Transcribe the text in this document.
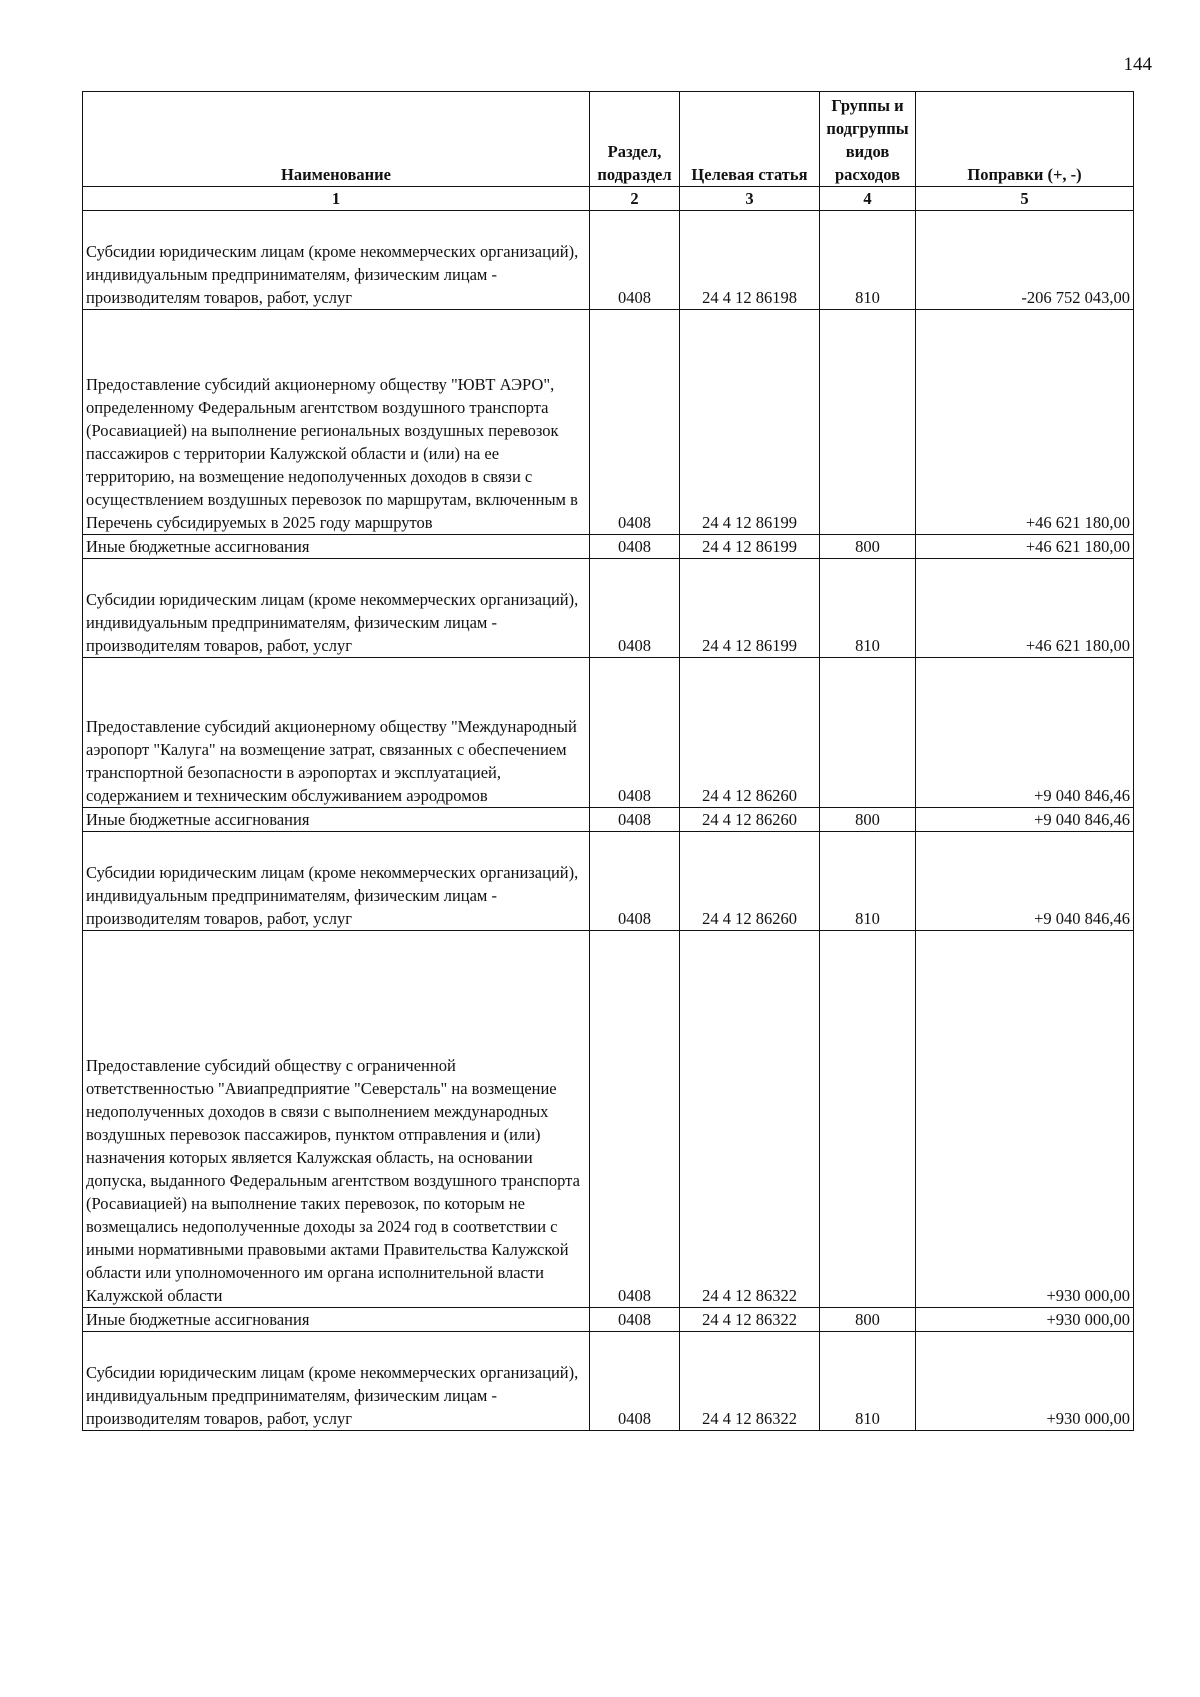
144
Наименование	Раздел, подраздел	Целевая статья	Группы и подгруппы видов расходов	Поправки (+, -)
1	2	3	4	5
Субсидии юридическим лицам (кроме некоммерческих организаций), индивидуальным предпринимателям, физическим лицам - производителям товаров, работ, услуг	0408	24 4 12 86198	810	-206 752 043,00
Предоставление субсидий акционерному обществу "ЮВТ АЭРО", определенному Федеральным агентством воздушного транспорта (Росавиацией) на выполнение региональных воздушных перевозок пассажиров с территории Калужской области и (или) на ее территорию, на возмещение недополученных доходов в связи с осуществлением воздушных перевозок по маршрутам, включенным в Перечень субсидируемых в 2025 году маршрутов	0408	24 4 12 86199		+46 621 180,00
Иные бюджетные ассигнования	0408	24 4 12 86199	800	+46 621 180,00
Субсидии юридическим лицам (кроме некоммерческих организаций), индивидуальным предпринимателям, физическим лицам - производителям товаров, работ, услуг	0408	24 4 12 86199	810	+46 621 180,00
Предоставление субсидий акционерному обществу "Международный аэропорт "Калуга" на возмещение затрат, связанных с обеспечением транспортной безопасности в аэропортах и эксплуатацией, содержанием и техническим обслуживанием аэродромов	0408	24 4 12 86260		+9 040 846,46
Иные бюджетные ассигнования	0408	24 4 12 86260	800	+9 040 846,46
Субсидии юридическим лицам (кроме некоммерческих организаций), индивидуальным предпринимателям, физическим лицам - производителям товаров, работ, услуг	0408	24 4 12 86260	810	+9 040 846,46
Предоставление субсидий обществу с ограниченной ответственностью "Авиапредприятие "Северсталь" на возмещение недополученных доходов в связи с выполнением международных воздушных перевозок пассажиров, пунктом отправления и (или) назначения которых является Калужская область, на основании допуска, выданного Федеральным агентством воздушного транспорта (Росавиацией) на выполнение таких перевозок, по которым не возмещались недополученные доходы за 2024 год в соответствии с иными нормативными правовыми актами Правительства Калужской области или уполномоченного им органа исполнительной власти Калужской области	0408	24 4 12 86322		+930 000,00
Иные бюджетные ассигнования	0408	24 4 12 86322	800	+930 000,00
Субсидии юридическим лицам (кроме некоммерческих организаций), индивидуальным предпринимателям, физическим лицам - производителям товаров, работ, услуг	0408	24 4 12 86322	810	+930 000,00
